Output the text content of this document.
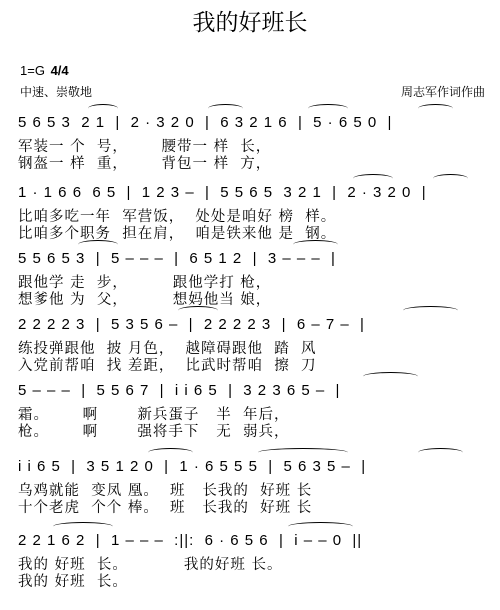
我的好班长
1=G 4/4
中速、崇敬地	周志军作词作曲
5 6 5 3  2 1  |  2 · 3 2 0  |  6 3 2 1 6  |  5 · 6 5 0  |
军装一 个  号，      腰带一 样  长，
钢盔一 样  重，      背包一 样  方，
1 · 1 6 6  6 5  |  1 2 3 –  |  5 5 6 5  3 2 1  |  2 · 3 2 0  |
比咱多吃一年  军营饭，  处处是咱好 榜  样。
比咱多个职务  担在肩，  咱是铁来他 是  钢。
5 5 6 5 3  |  5 – – –  |  6 5 1 2  |  3 – – –  |
跟他学 走  步，        跟他学打 枪，
想爹他 为  父，        想妈他当 娘，
2 2 2 2 3  |  5 3 5 6 –  |  2 2 2 2 3  |  6 – 7 –  |
练投弹跟他  披 月色，  越障碍跟他  踏  风
入党前帮咱  找 差距，  比武时帮咱  擦  刀
5 – – –  |  5 5 6 7  |  i i 6 5  |  3 2 3 6 5 –  |
霜。      啊       新兵蛋子   半  年后，
枪。      啊       强将手下   无  弱兵，
i i 6 5  |  3 5 1 2 0  |  1 · 6 5 5 5  |  5 6 3 5 –  |
乌鸡就能  变凤 凰。  班   长我的  好班 长
十个老虎  个个 棒。  班   长我的  好班 长
2 2 1 6 2  |  1 – – –  :||:  6 · 6 5 6  |  i – – 0  ||
我的 好班  长。          我的好班 长。
我的 好班  长。
